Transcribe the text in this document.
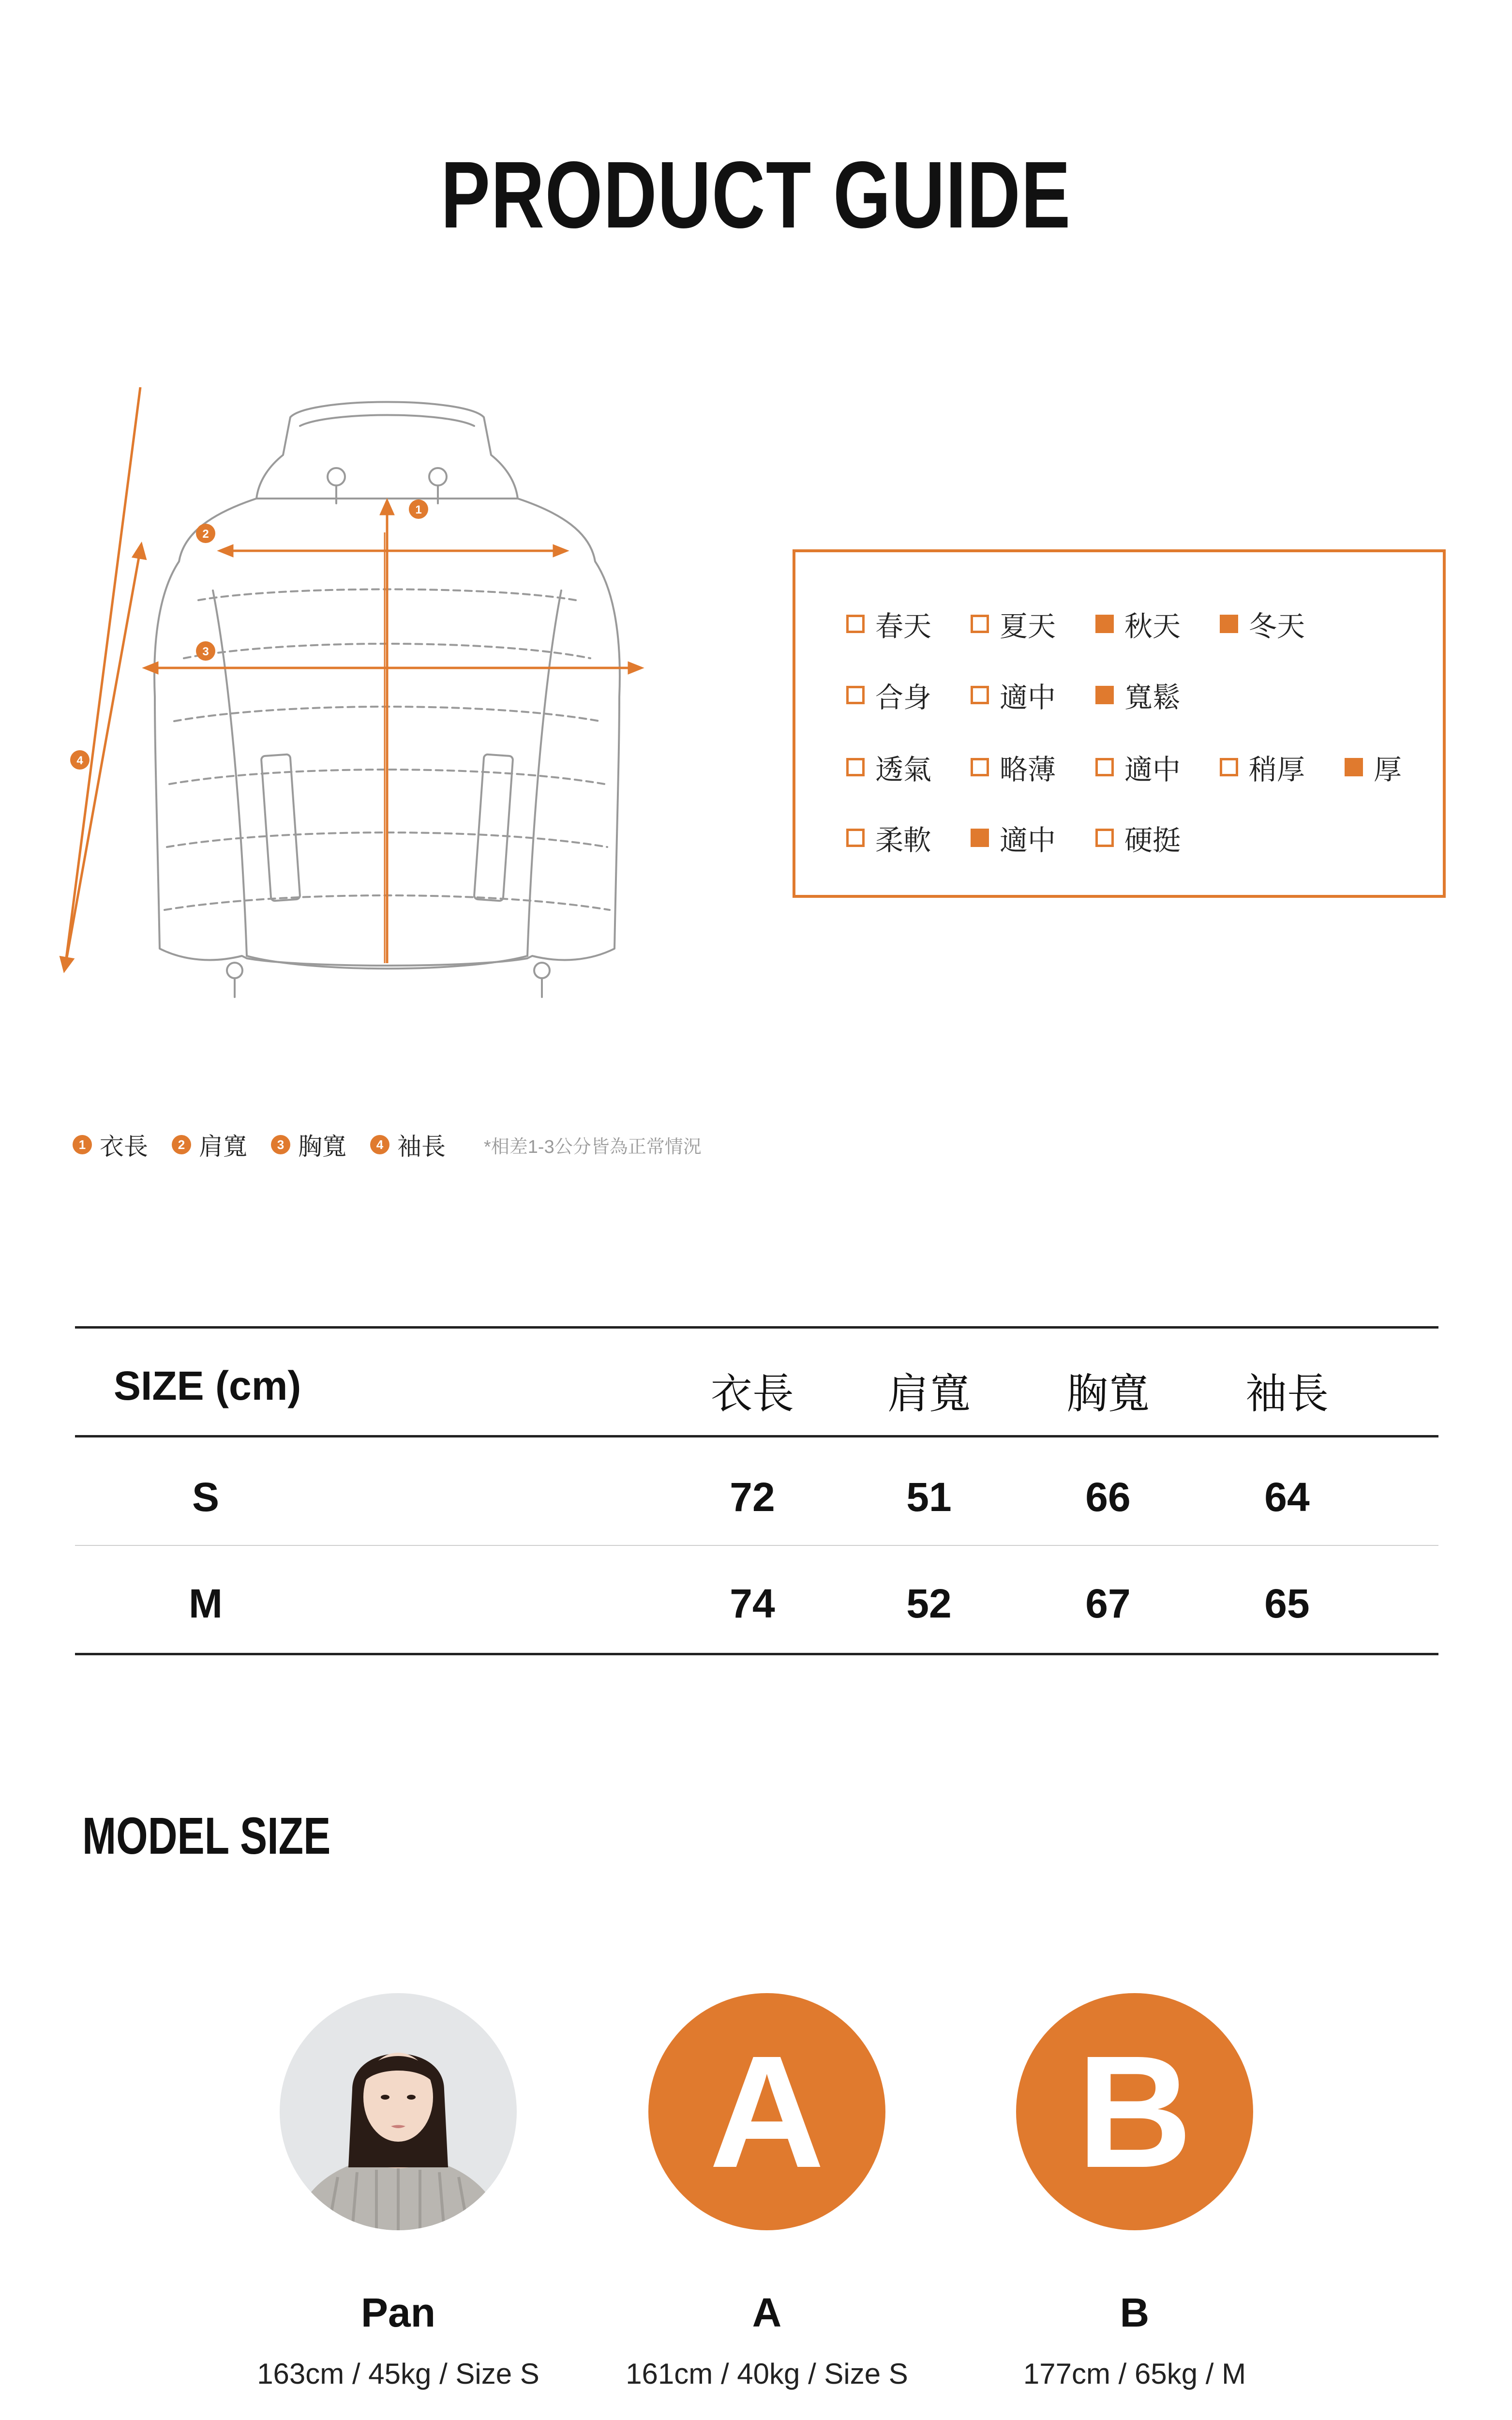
PRODUCT GUIDE
1
2
3
4
春天 夏天 秋天 冬天
合身 適中 寬鬆
透氣 略薄 適中 稍厚 厚
柔軟 適中 硬挺
1 衣長	2 肩寬	3 胸寬	4 袖長 *相差1-3公分皆為正常情況
SIZE (cm)	衣長	肩寬	胸寬	袖長
S	72	51	66	64
M	74	52	67	65
MODEL SIZE
Pan
163cm / 45kg / Size S
A
A
161cm / 40kg / Size S
B
B
177cm / 65kg / M
